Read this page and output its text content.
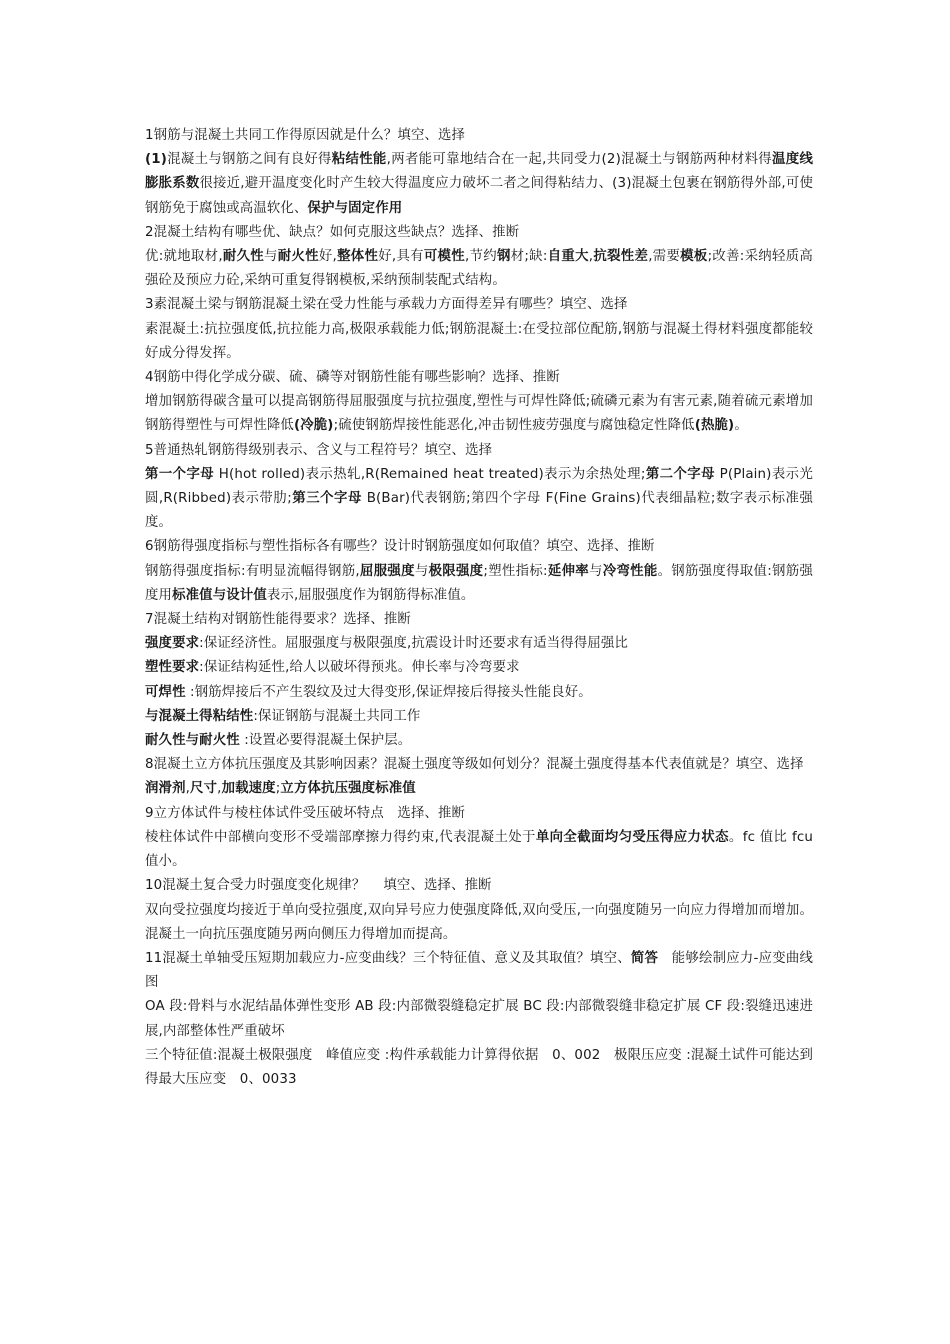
1钢筋与混凝土共同工作得原因就是什么？填空、选择

(1)混凝土与钢筋之间有良好得粘结性能,两者能可靠地结合在一起,共同受力(2)混凝土与钢筋两种材料得温度线膨胀系数很接近,避开温度变化时产生较大得温度应力破坏二者之间得粘结力、(3)混凝土包裹在钢筋得外部,可使钢筋免于腐蚀或高温软化、保护与固定作用

2混凝土结构有哪些优、缺点？如何克服这些缺点？选择、推断

优:就地取材,耐久性与耐火性好,整体性好,具有可模性,节约钢材;缺:自重大,抗裂性差,需要模板;改善:采纳轻质高强砼及预应力砼,采纳可重复得钢模板,采纳预制装配式结构。

3素混凝土梁与钢筋混凝土梁在受力性能与承载力方面得差异有哪些？填空、选择

素混凝土:抗拉强度低,抗拉能力高,极限承载能力低;钢筋混凝土:在受拉部位配筋,钢筋与混凝土得材料强度都能较好成分得发挥。

4钢筋中得化学成分碳、硫、磷等对钢筋性能有哪些影响？选择、推断

增加钢筋得碳含量可以提高钢筋得屈服强度与抗拉强度,塑性与可焊性降低;硫磷元素为有害元素,随着硫元素增加钢筋得塑性与可焊性降低(冷脆);硫使钢筋焊接性能恶化,冲击韧性疲劳强度与腐蚀稳定性降低(热脆)。

5普通热轧钢筋得级别表示、含义与工程符号？填空、选择

第一个字母 H(hot rolled)表示热轧,R(Remained heat treated)表示为余热处理;第二个字母 P(Plain)表示光圆,R(Ribbed)表示带肋;第三个字母 B(Bar)代表钢筋;第四个字母 F(Fine Grains)代表细晶粒;数字表示标准强度。

6钢筋得强度指标与塑性指标各有哪些？设计时钢筋强度如何取值？填空、选择、推断

钢筋得强度指标:有明显流幅得钢筋,屈服强度与极限强度;塑性指标:延伸率与冷弯性能。钢筋强度得取值:钢筋强度用标准值与设计值表示,屈服强度作为钢筋得标准值。

7混凝土结构对钢筋性能得要求？选择、推断

强度要求:保证经济性。屈服强度与极限强度,抗震设计时还要求有适当得得屈强比

塑性要求:保证结构延性,给人以破坏得预兆。伸长率与冷弯要求

可焊性 :钢筋焊接后不产生裂纹及过大得变形,保证焊接后得接头性能良好。

与混凝土得粘结性:保证钢筋与混凝土共同工作

耐久性与耐火性 :设置必要得混凝土保护层。

8混凝土立方体抗压强度及其影响因素？混凝土强度等级如何划分？混凝土强度得基本代表值就是？填空、选择

润滑剂,尺寸,加载速度;立方体抗压强度标准值

9立方体试件与棱柱体试件受压破坏特点　选择、推断

棱柱体试件中部横向变形不受端部摩擦力得约束,代表混凝土处于单向全截面均匀受压得应力状态。fc 值比 fcu 值小。

10混凝土复合受力时强度变化规律？　 填空、选择、推断

双向受拉强度均接近于单向受拉强度,双向异号应力使强度降低,双向受压,一向强度随另一向应力得增加而增加。混凝土一向抗压强度随另两向侧压力得增加而提高。

11混凝土单轴受压短期加载应力-应变曲线？三个特征值、意义及其取值？填空、简答　能够绘制应力-应变曲线图

OA 段:骨料与水泥结晶体弹性变形 AB 段:内部微裂缝稳定扩展 BC 段:内部微裂缝非稳定扩展 CF 段:裂缝迅速进展,内部整体性严重破坏

三个特征值:混凝土极限强度　峰值应变 :构件承载能力计算得依据　0、002　极限压应变 :混凝土试件可能达到得最大压应变　0、0033
